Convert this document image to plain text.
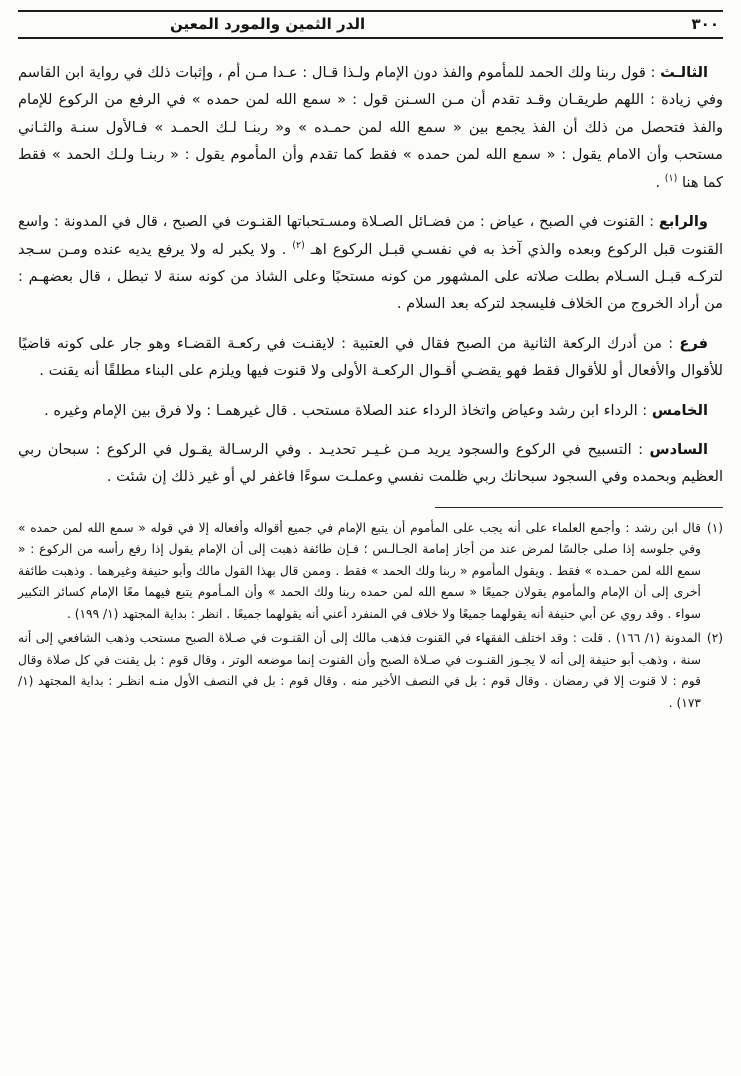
٣٠٠
الدر الثمين والمورد المعين

الثالـث : قول ربنا ولك الحمد للمأموم والفذ دون الإمام ولـذا قـال : عـدا مـن أم ، وإثبات ذلك في رواية ابن القاسم وفي زيادة : اللهم طريقـان وقـد تقدم أن مـن السـنن قول : « سمع الله لمن حمده » في الرفع من الركوع للإمام والفذ فتحصل من ذلك أن الفذ يجمع بين « سمع الله لمن حمـده » و« ربنـا لـك الحمـد » فـالأول سنـة والثـاني مستحب وأن الامام يقول : « سمع الله لمن حمده » فقط كما تقدم وأن المأموم يقول : « ربنـا ولـك الحمد » فقط كما هنا $^{(١)}$ .

والرابع : القنوت في الصبح ، عياض : من فضـائل الصـلاة ومسـتحباتها القنـوت في الصبح ، قال في المدونة : واسع القنوت قبل الركوع وبعده والذي آخذ به في نفسـي قبـل الركوع اهـ $^{(٢)}$ . ولا يكبر له ولا يرفع يديه عنده ومـن سـجد لتركـه قبـل السـلام بطلت صلاته على المشهور من كونه مستحبًا وعلى الشاذ من كونه سنة لا تبطل ، قال بعضهـم : من أراد الخروج من الخلاف فليسجد لتركه بعد السلام .

فرع : من أدرك الركعة الثانية من الصبح فقال في العتبية : لايقنـت في ركعـة القضـاء وهو جار على كونه قاضيًا للأقوال والأفعال أو للأقوال فقط فهو يقضـي أقـوال الركعـة الأولى ولا قنوت فيها ويلزم على البناء مطلقًا أنه يقنت .

الخامس : الرداء ابن رشد وعياض واتخاذ الرداء عند الصلاة مستحب . قال غيرهمـا : ولا فرق بين الإمام وغيره .

السادس : التسبيح في الركوع والسجود يريد مـن غـيـر تحديـد . وفي الرسـالة يقـول في الركوع : سبحان ربي العظيم وبحمده وفي السجود سبحانك ربي ظلمت نفسي وعملـت سوءًا فاغفر لي أو غير ذلك إن شئت .

(١)
قال ابن رشد : وأجمع العلماء على أنه يجب على المأموم أن يتبع الإمام في جميع أقواله وأفعاله إلا في قوله « سمع الله لمن حمده » وفي جلوسه إذا صلى جالسًا لمرض عند من أجاز إمامة الجـالـس ؛ فـإن طائفة ذهبت إلى أن الإمام يقول إذا رفع رأسه من الركوع : « سمع الله لمن حمـده » فقط . ويقول المأموم « ربنا ولك الحمد » فقط . وممن قال بهذا القول مالك وأبو حنيفة وغيرهما . وذهبت طائفة أخرى إلى أن الإمام والمأموم يقولان جميعًا « سمع الله لمن حمده ربنا ولك الحمد » وأن المـأموم يتبع فيهما معًا الإمام كسائر التكبير سواء . وقد روي عن أبي حنيفة أنه يقولهما جميعًا ولا خلاف في المنفرد أعني أنه يقولهما جميعًا . انظر : بداية المجتهد (١/ ١٩٩) .
(٢)
المدونة (١/ ١٦٦) . قلت : وقد اختلف الفقهاء في القنوت فذهب مالك إلى أن القنـوت في صـلاة الصبح مستحب وذهب الشافعي إلى أنه سنة ، وذهب أبو حنيفة إلى أنه لا يجـوز القنـوت في صـلاة الصبح وأن القنوت إنما موضعه الوتر ، وقال قوم : بل يقنت في كل صلاة وقال قوم : لا قنوت إلا في رمضان . وقال قوم : بل في النصف الأخير منه . وقال قوم : بل في النصف الأول منـه انظـر : بداية المجتهد (١/ ١٧٣) .
